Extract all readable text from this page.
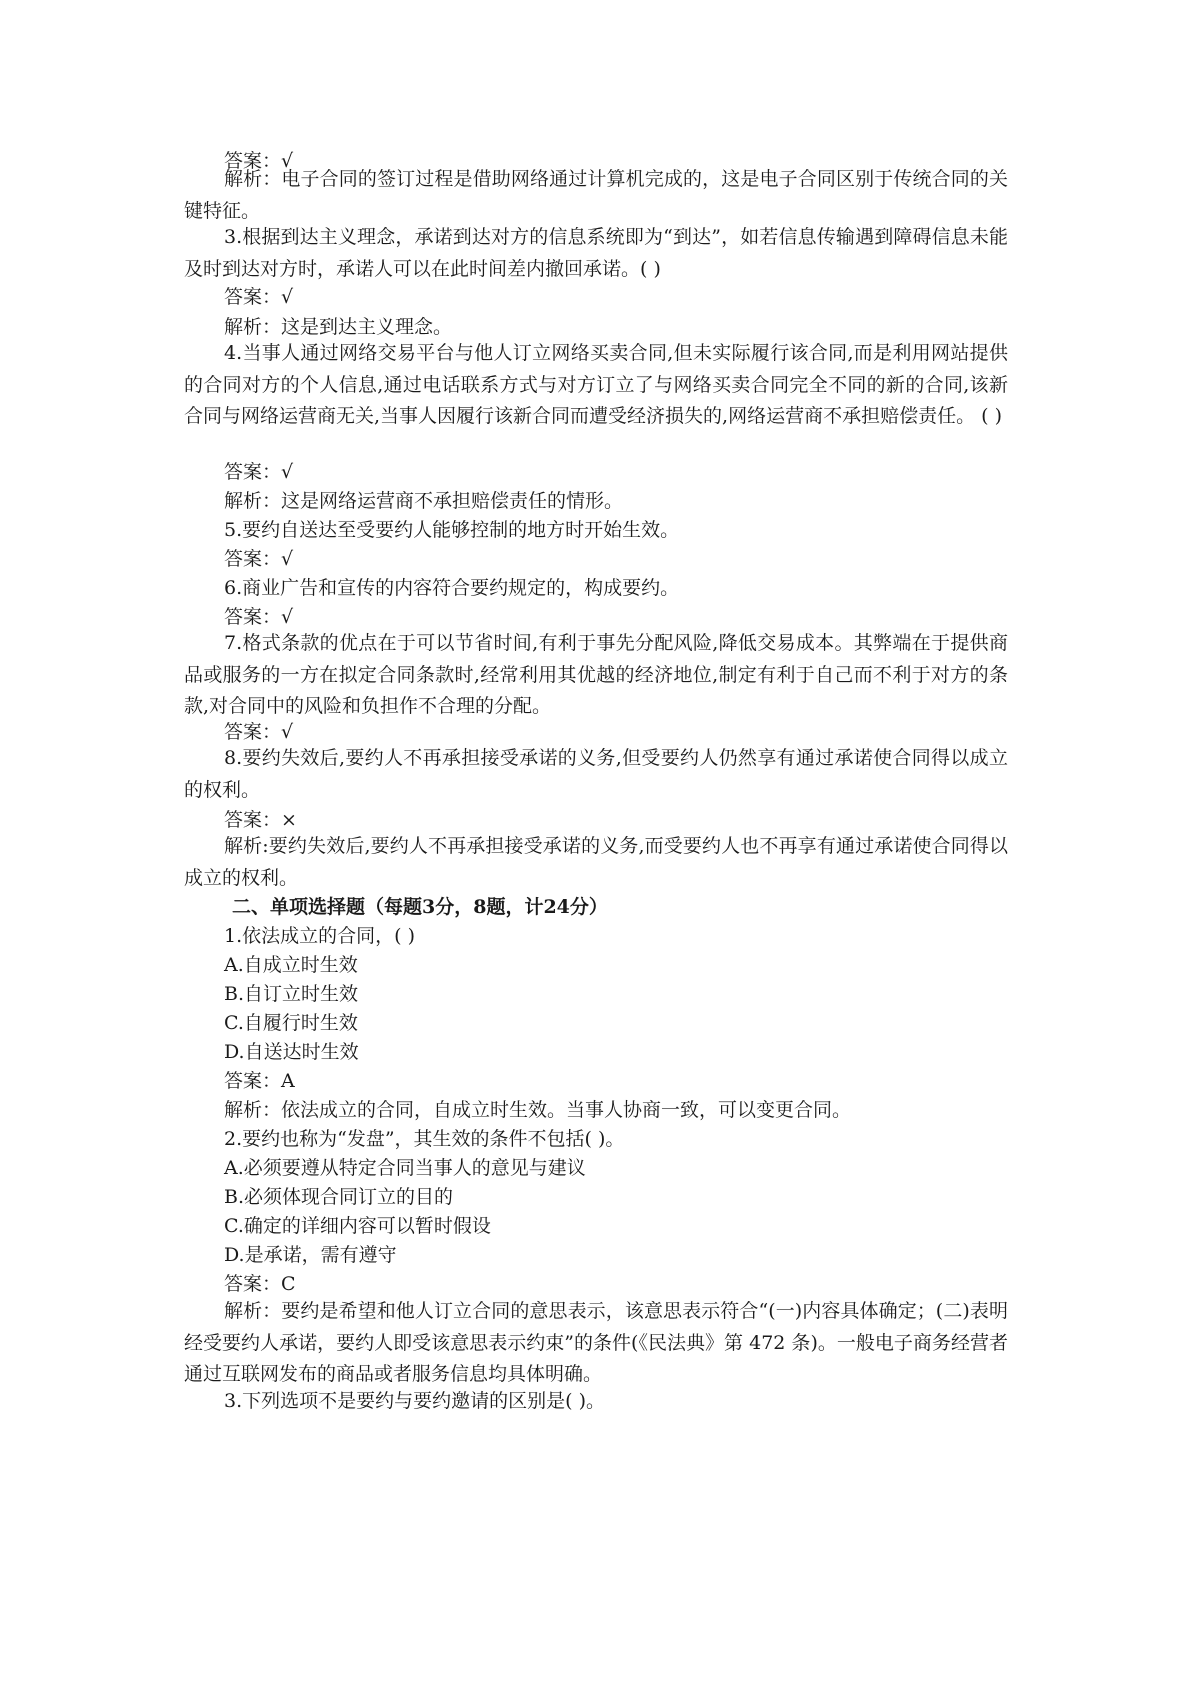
答案：√
解析：电子合同的签订过程是借助网络通过计算机完成的，这是电子合同区别于传统合同的关键特征。
3.根据到达主义理念，承诺到达对方的信息系统即为“到达”，如若信息传输遇到障碍信息未能及时到达对方时，承诺人可以在此时间差内撤回承诺。( )
答案：√
解析：这是到达主义理念。
4.当事人通过网络交易平台与他人订立网络买卖合同,但未实际履行该合同,而是利用网站提供的合同对方的个人信息,通过电话联系方式与对方订立了与网络买卖合同完全不同的新的合同,该新合同与网络运营商无关,当事人因履行该新合同而遭受经济损失的,网络运营商不承担赔偿责任。 ( )
答案：√
解析：这是网络运营商不承担赔偿责任的情形。
5.要约自送达至受要约人能够控制的地方时开始生效。
答案：√
6.商业广告和宣传的内容符合要约规定的，构成要约。
答案：√
7.格式条款的优点在于可以节省时间,有利于事先分配风险,降低交易成本。其弊端在于提供商品或服务的一方在拟定合同条款时,经常利用其优越的经济地位,制定有利于自己而不利于对方的条款,对合同中的风险和负担作不合理的分配。
答案：√
8.要约失效后,要约人不再承担接受承诺的义务,但受要约人仍然享有通过承诺使合同得以成立的权利。
答案：×
解析:要约失效后,要约人不再承担接受承诺的义务,而受要约人也不再享有通过承诺使合同得以成立的权利。
二、单项选择题（每题3分，8题，计24分）
1.依法成立的合同，( )
A.自成立时生效
B.自订立时生效
C.自履行时生效
D.自送达时生效
答案：A
解析：依法成立的合同，自成立时生效。当事人协商一致，可以变更合同。
2.要约也称为“发盘”，其生效的条件不包括( )。
A.必须要遵从特定合同当事人的意见与建议
B.必须体现合同订立的目的
C.确定的详细内容可以暂时假设
D.是承诺，需有遵守
答案：C
解析：要约是希望和他人订立合同的意思表示，该意思表示符合“(一)内容具体确定；(二)表明经受要约人承诺，要约人即受该意思表示约束”的条件(《民法典》第 472 条)。一般电子商务经营者通过互联网发布的商品或者服务信息均具体明确。
3.下列选项不是要约与要约邀请的区别是( )。
